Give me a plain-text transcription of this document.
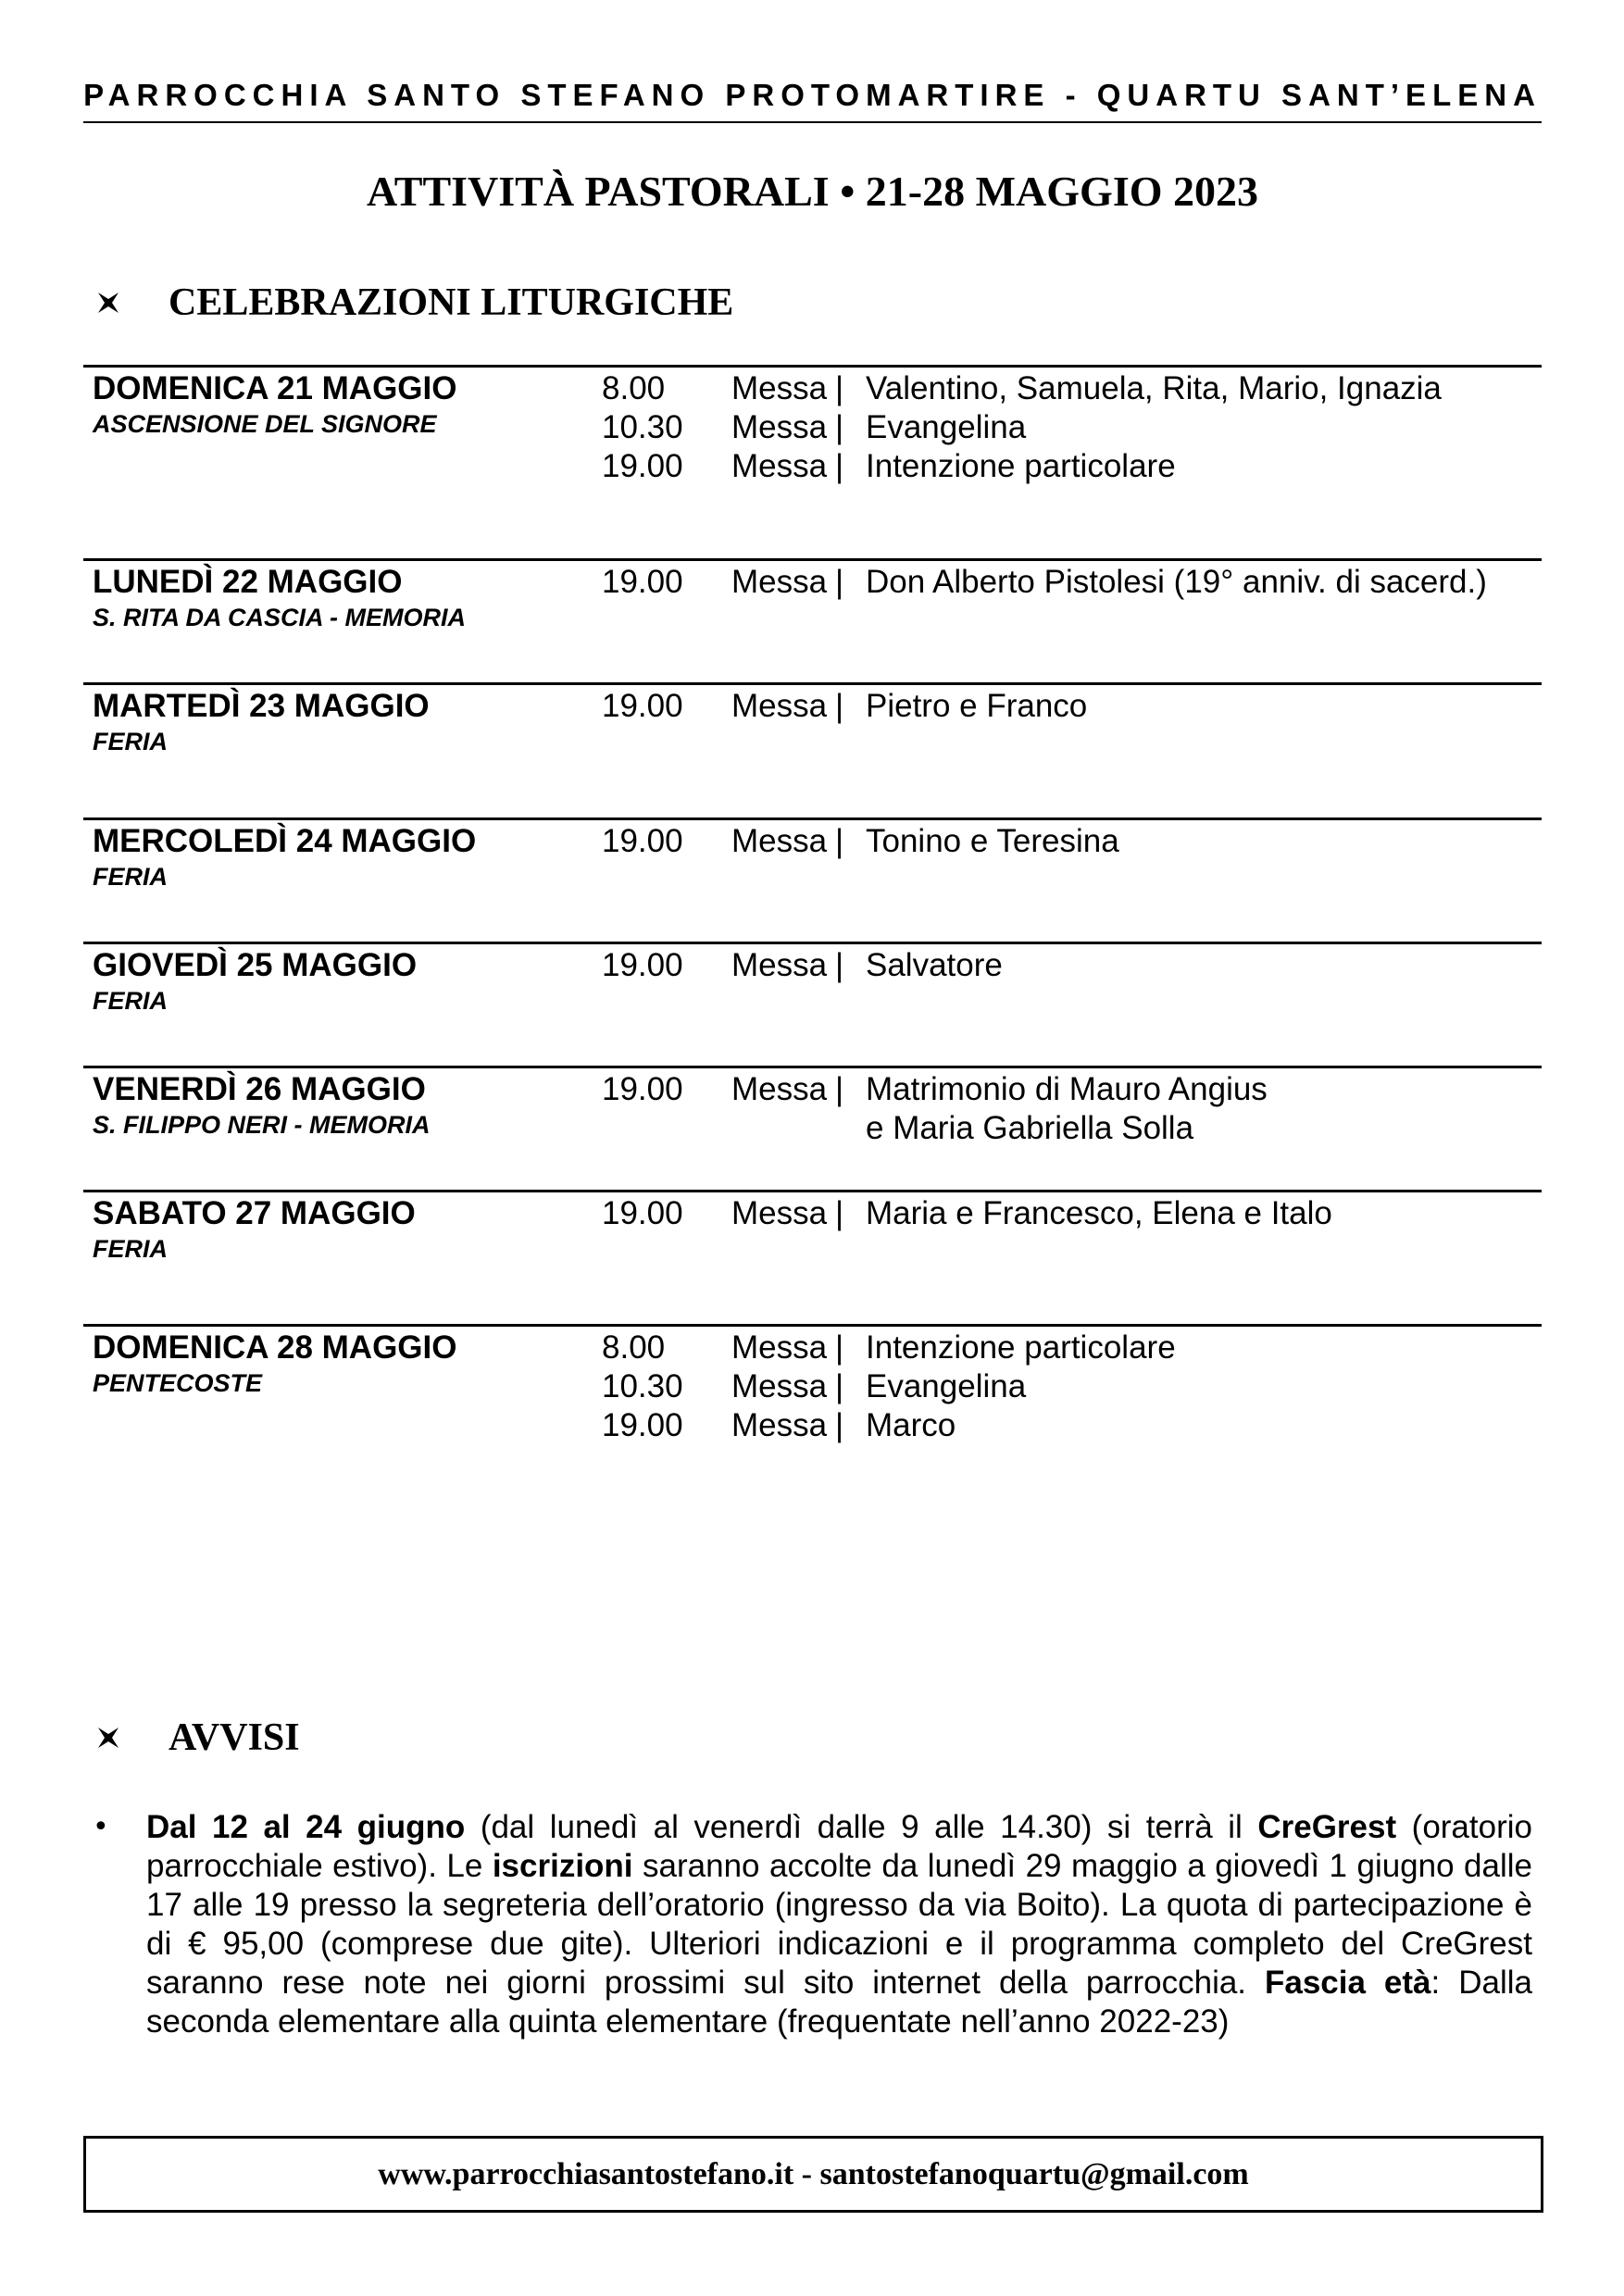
PARROCCHIA SANTO STEFANO PROTOMARTIRE - QUARTU SANT’ELENA
ATTIVITÀ PASTORALI • 21-28 MAGGIO 2023
CELEBRAZIONI LITURGICHE
DOMENICA 21 MAGGIO
ASCENSIONE DEL SIGNORE
8.00 Messa | Valentino, Samuela, Rita, Mario, Ignazia
10.30 Messa | Evangelina
19.00 Messa | Intenzione particolare
LUNEDÌ 22 MAGGIO
S. RITA DA CASCIA - MEMORIA
19.00 Messa | Don Alberto Pistolesi (19° anniv. di sacerd.)
MARTEDÌ 23 MAGGIO
FERIA
19.00 Messa | Pietro e Franco
MERCOLEDÌ 24 MAGGIO
FERIA
19.00 Messa | Tonino e Teresina
GIOVEDÌ 25 MAGGIO
FERIA
19.00 Messa | Salvatore
VENERDÌ 26 MAGGIO
S. FILIPPO NERI - MEMORIA
19.00 Messa | Matrimonio di Mauro Angius
e Maria Gabriella Solla
SABATO 27 MAGGIO
FERIA
19.00 Messa | Maria e Francesco, Elena e Italo
DOMENICA 28 MAGGIO
PENTECOSTE
8.00 Messa | Intenzione particolare
10.30 Messa | Evangelina
19.00 Messa | Marco
AVVISI
• Dal 12 al 24 giugno (dal lunedì al venerdì dalle 9 alle 14.30) si terrà il CreGrest (oratorio parrocchiale estivo). Le iscrizioni saranno accolte da lunedì 29 maggio a giovedì 1 giugno dalle 17 alle 19 presso la segreteria dell’oratorio (ingresso da via Boito). La quota di partecipazione è di € 95,00 (comprese due gite). Ulteriori indicazioni e il programma completo del CreGrest saranno rese note nei giorni prossimi sul sito internet della parrocchia. Fascia età: Dalla seconda elementare alla quinta elementare (frequentate nell’anno 2022-23)
www.parrocchiasantostefano.it - santostefanoquartu@gmail.com
